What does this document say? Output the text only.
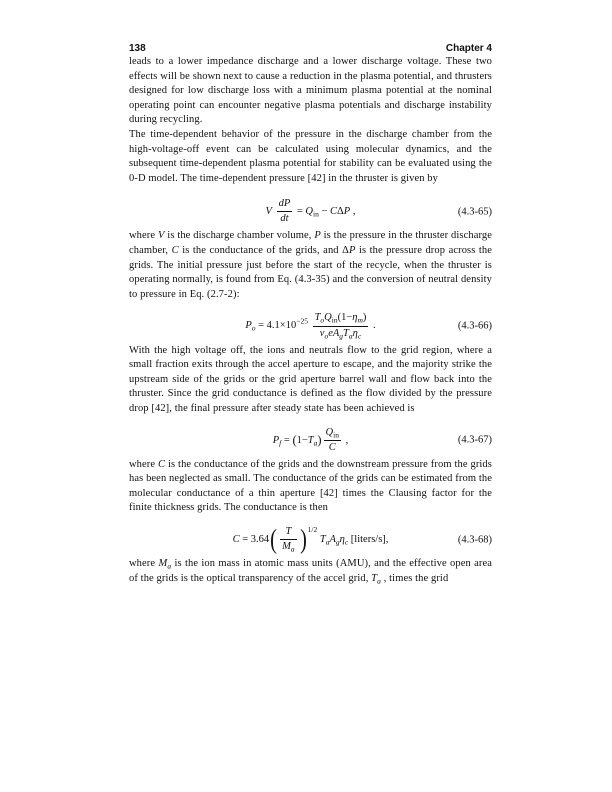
138	Chapter 4

leads to a lower impedance discharge and a lower discharge voltage. These two effects will be shown next to cause a reduction in the plasma potential, and thrusters designed for low discharge loss with a minimum plasma potential at the nominal operating point can encounter negative plasma potentials and discharge instability during recycling.

The time-dependent behavior of the pressure in the discharge chamber from the high-voltage-off event can be calculated using molecular dynamics, and the subsequent time-dependent plasma potential for stability can be evaluated using the 0-D model. The time-dependent pressure [42] in the thruster is given by

V $\frac{dP}{dt} = Q_{in} - C\Delta P$ ,	(4.3-65)

where V is the discharge chamber volume, P is the pressure in the thruster discharge chamber, C is the conductance of the grids, and ΔP is the pressure drop across the grids. The initial pressure just before the start of the recycle, when the thruster is operating normally, is found from Eq. (4.3-35) and the conversion of neutral density to pressure in Eq. (2.7-2):

$P_o = 4.1\times 10^{-25} \frac{T_oQ_{in}(1-\eta_m)}{v_oeA_gT_a\eta_c}$ .	(4.3-66)

With the high voltage off, the ions and neutrals flow to the grid region, where a small fraction exits through the accel aperture to escape, and the majority strike the upstream side of the grids or the grid aperture barrel wall and flow back into the thruster. Since the grid conductance is defined as the flow divided by the pressure drop [42], the final pressure after steady state has been achieved is

$P_f = (1-T_a) \frac{Q_{in}}{C}$ ,	(4.3-67)

where C is the conductance of the grids and the downstream pressure from the grids has been neglected as small. The conductance of the grids can be estimated from the molecular conductance of a thin aperture [42] times the Clausing factor for the finite thickness grids. The conductance is then

C = 3.64 ( $\frac{T}{M_a}$ ) 1/2
$T_aA_g\eta_c$ [liters/s],	(4.3-68)

where $M_a$ is the ion mass in atomic mass units (AMU), and the effective open area of the grids is the optical transparency of the accel grid, $T_a$ , times the grid
